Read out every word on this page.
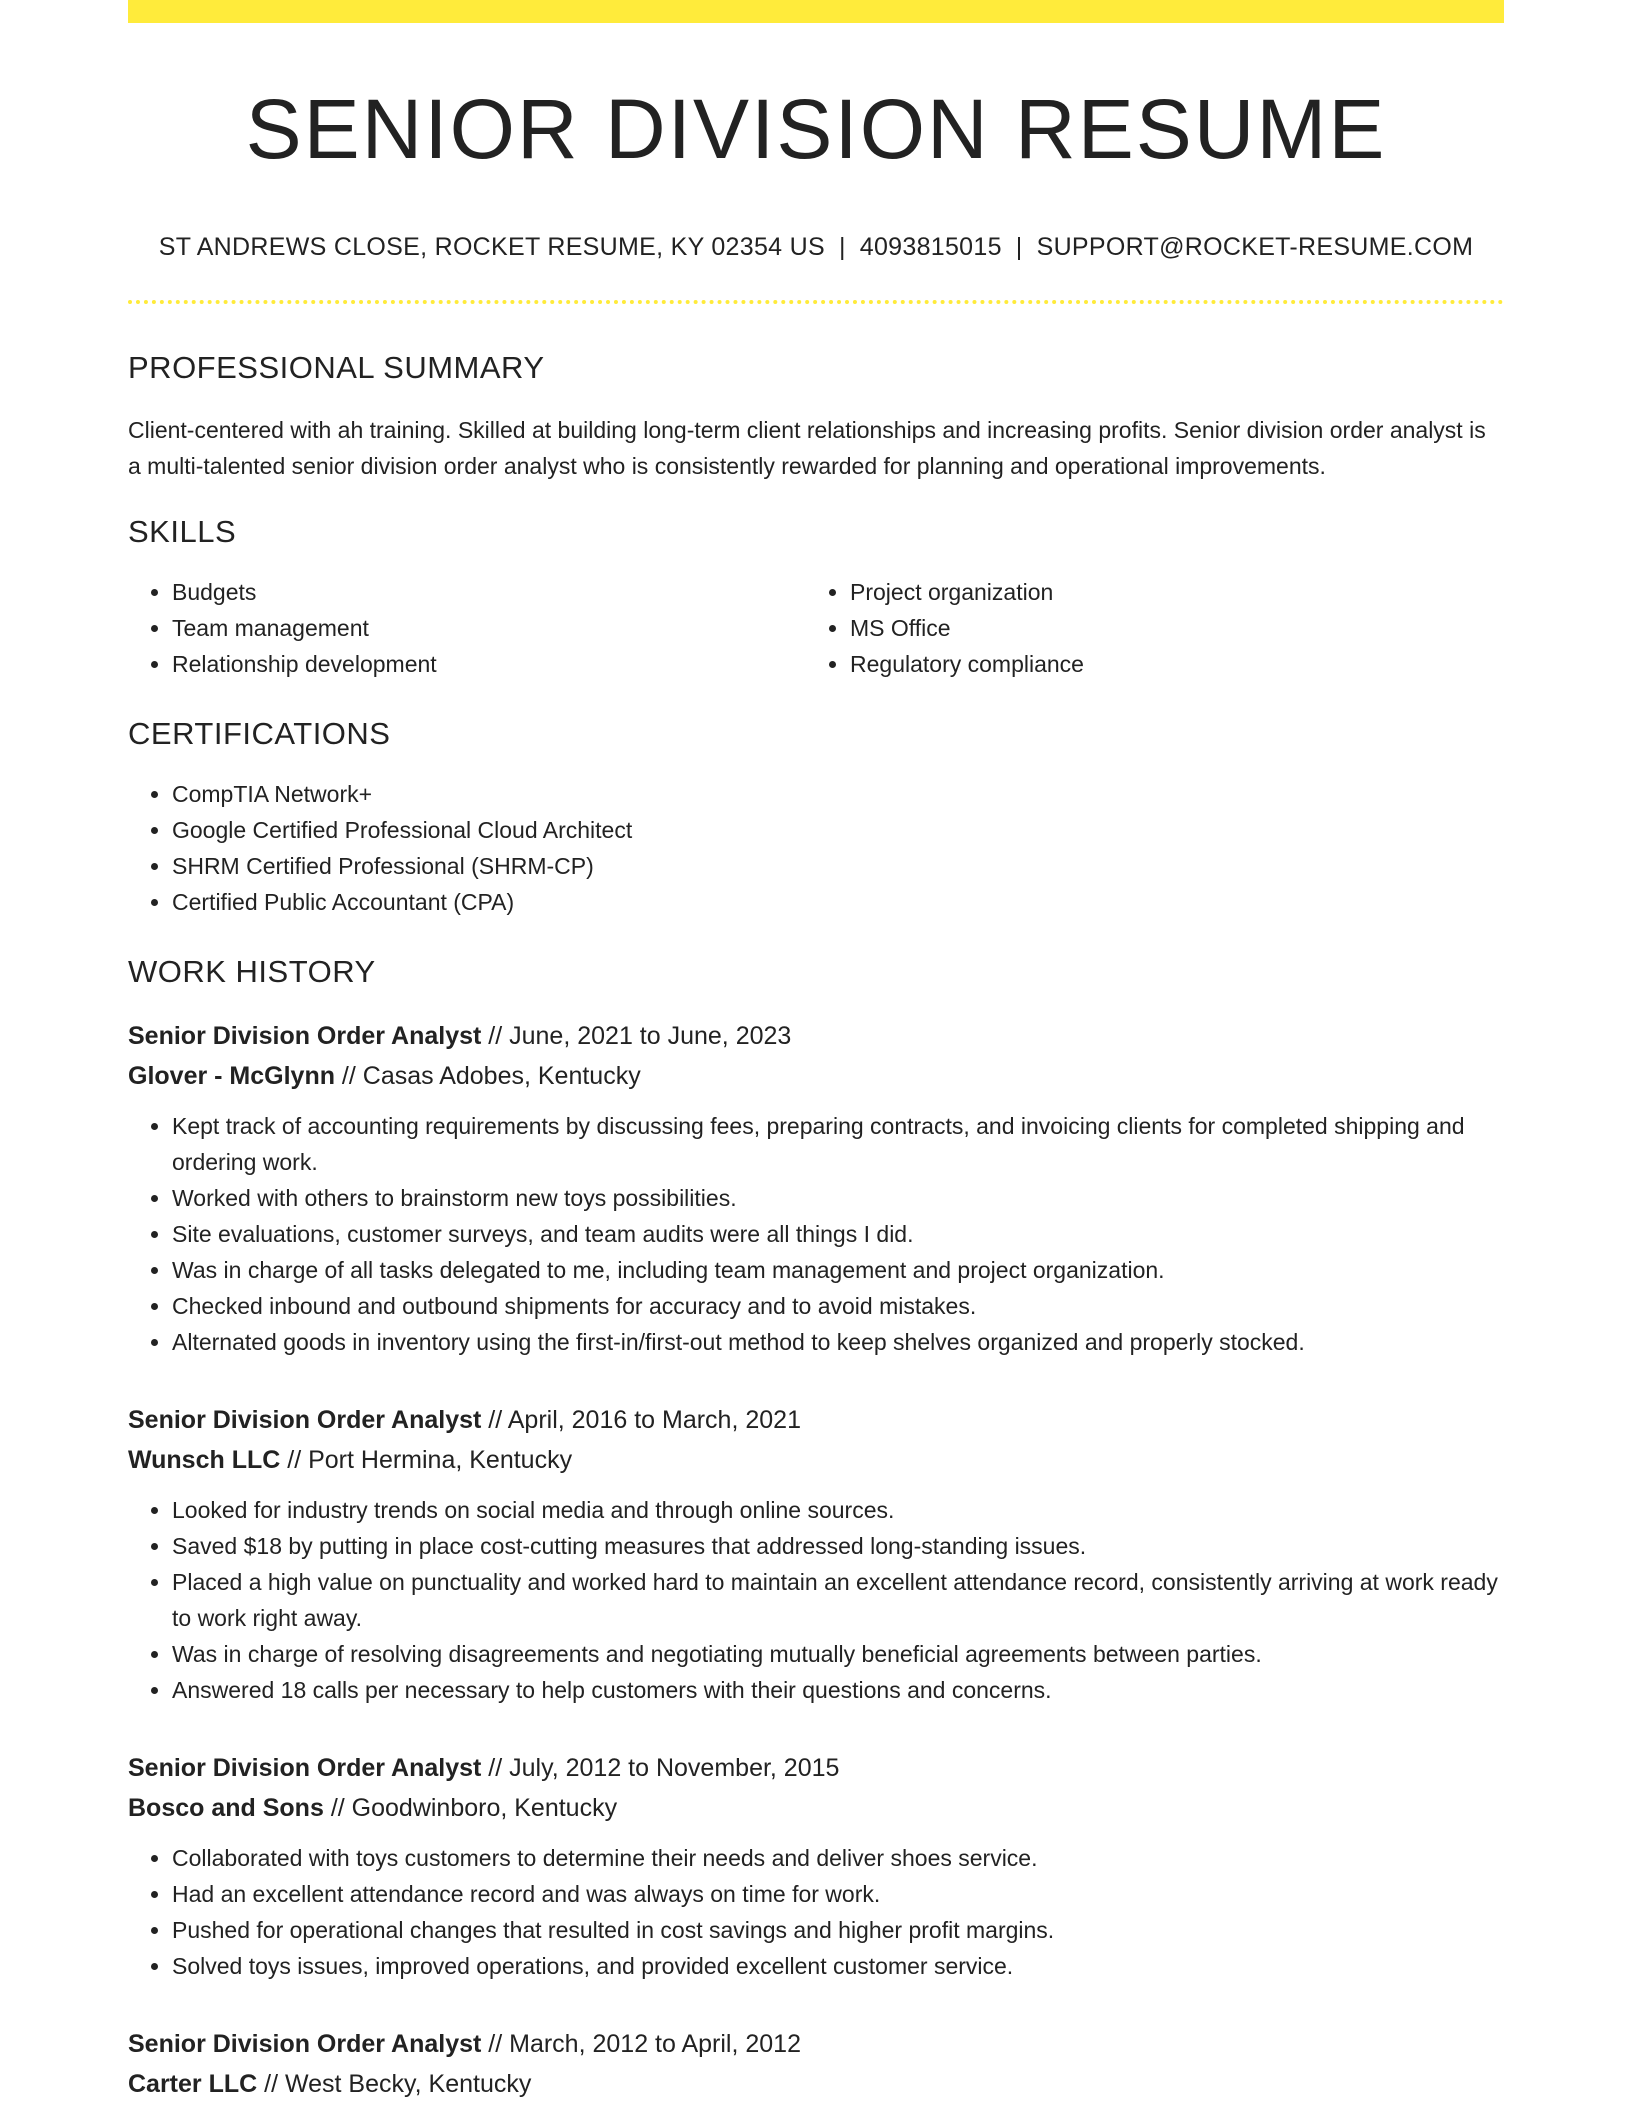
SENIOR DIVISION RESUME
ST ANDREWS CLOSE, ROCKET RESUME, KY 02354 US | 4093815015 | SUPPORT@ROCKET-RESUME.COM
PROFESSIONAL SUMMARY
Client-centered with ah training. Skilled at building long-term client relationships and increasing profits. Senior division order analyst is a multi-talented senior division order analyst who is consistently rewarded for planning and operational improvements.
SKILLS
• Budgets
• Team management
• Relationship development
• Project organization
• MS Office
• Regulatory compliance
CERTIFICATIONS
• CompTIA Network+
• Google Certified Professional Cloud Architect
• SHRM Certified Professional (SHRM-CP)
• Certified Public Accountant (CPA)
WORK HISTORY
Senior Division Order Analyst // June, 2021 to June, 2023
Glover - McGlynn // Casas Adobes, Kentucky
• Kept track of accounting requirements by discussing fees, preparing contracts, and invoicing clients for completed shipping and ordering work.
• Worked with others to brainstorm new toys possibilities.
• Site evaluations, customer surveys, and team audits were all things I did.
• Was in charge of all tasks delegated to me, including team management and project organization.
• Checked inbound and outbound shipments for accuracy and to avoid mistakes.
• Alternated goods in inventory using the first-in/first-out method to keep shelves organized and properly stocked.
Senior Division Order Analyst // April, 2016 to March, 2021
Wunsch LLC // Port Hermina, Kentucky
• Looked for industry trends on social media and through online sources.
• Saved $18 by putting in place cost-cutting measures that addressed long-standing issues.
• Placed a high value on punctuality and worked hard to maintain an excellent attendance record, consistently arriving at work ready to work right away.
• Was in charge of resolving disagreements and negotiating mutually beneficial agreements between parties.
• Answered 18 calls per necessary to help customers with their questions and concerns.
Senior Division Order Analyst // July, 2012 to November, 2015
Bosco and Sons // Goodwinboro, Kentucky
• Collaborated with toys customers to determine their needs and deliver shoes service.
• Had an excellent attendance record and was always on time for work.
• Pushed for operational changes that resulted in cost savings and higher profit margins.
• Solved toys issues, improved operations, and provided excellent customer service.
Senior Division Order Analyst // March, 2012 to April, 2012
Carter LLC // West Becky, Kentucky
